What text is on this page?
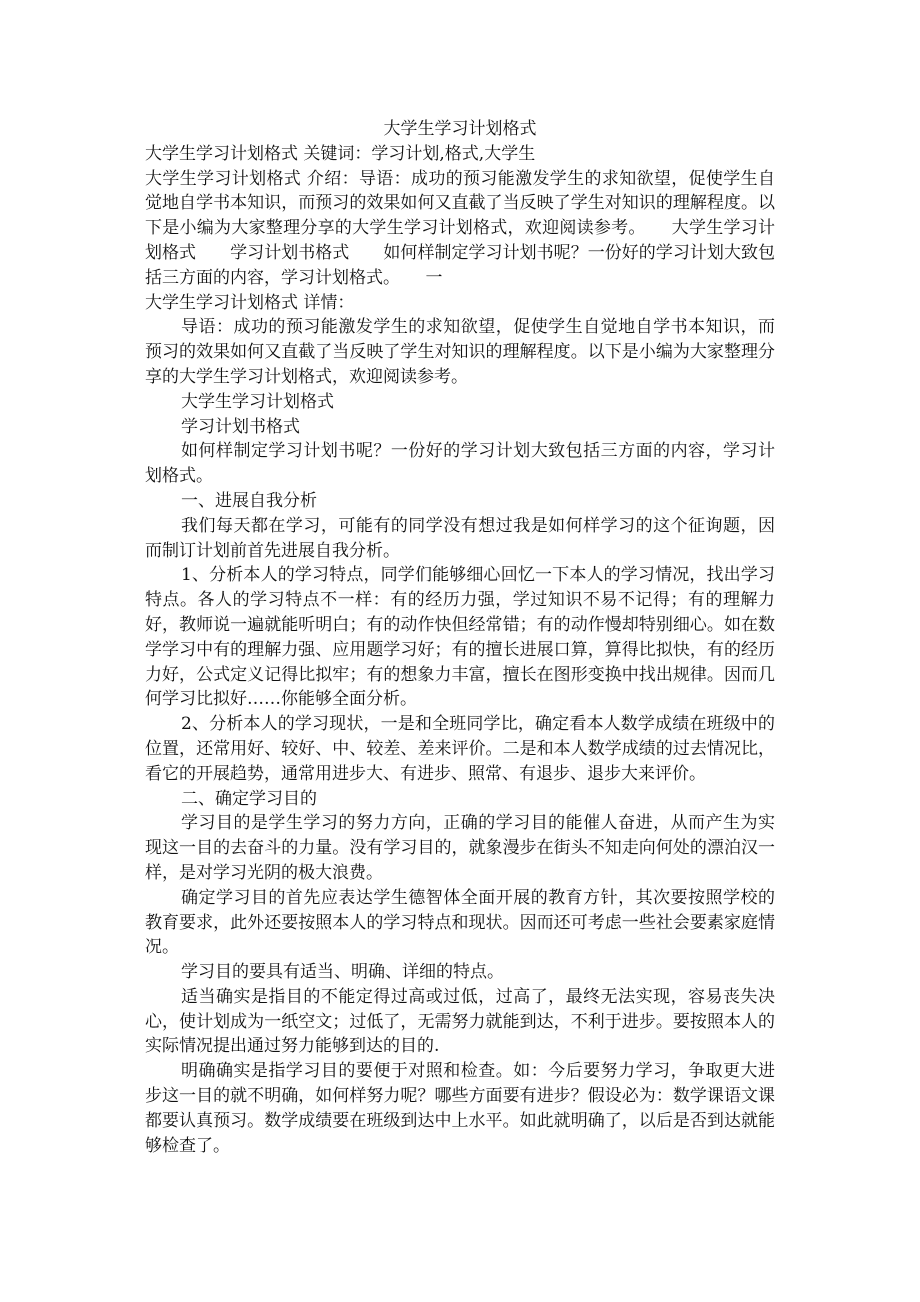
大学生学习计划格式

大学生学习计划格式 关键词：学习计划,格式,大学生

大学生学习计划格式 介绍：导语：成功的预习能激发学生的求知欲望，促使学生自觉地自学书本知识，而预习的效果如何又直截了当反映了学生对知识的理解程度。以下是小编为大家整理分享的大学生学习计划格式，欢迎阅读参考。　　大学生学习计划格式　　学习计划书格式　　如何样制定学习计划书呢？一份好的学习计划大致包括三方面的内容，学习计划格式。　　一

大学生学习计划格式 详情：

导语：成功的预习能激发学生的求知欲望，促使学生自觉地自学书本知识，而预习的效果如何又直截了当反映了学生对知识的理解程度。以下是小编为大家整理分享的大学生学习计划格式，欢迎阅读参考。

大学生学习计划格式

学习计划书格式

如何样制定学习计划书呢？一份好的学习计划大致包括三方面的内容，学习计划格式。

一、进展自我分析

我们每天都在学习，可能有的同学没有想过我是如何样学习的这个征询题，因而制订计划前首先进展自我分析。

1、分析本人的学习特点，同学们能够细心回忆一下本人的学习情况，找出学习特点。各人的学习特点不一样：有的经历力强，学过知识不易不记得；有的理解力好，教师说一遍就能听明白；有的动作快但经常错；有的动作慢却特别细心。如在数学学习中有的理解力强、应用题学习好；有的擅长进展口算，算得比拟快，有的经历力好，公式定义记得比拟牢；有的想象力丰富，擅长在图形变换中找出规律。因而几何学习比拟好……你能够全面分析。

2、分析本人的学习现状，一是和全班同学比，确定看本人数学成绩在班级中的位置，还常用好、较好、中、较差、差来评价。二是和本人数学成绩的过去情况比，看它的开展趋势，通常用进步大、有进步、照常、有退步、退步大来评价。

二、确定学习目的

学习目的是学生学习的努力方向，正确的学习目的能催人奋进，从而产生为实现这一目的去奋斗的力量。没有学习目的，就象漫步在街头不知走向何处的漂泊汉一样，是对学习光阴的极大浪费。

确定学习目的首先应表达学生德智体全面开展的教育方针，其次要按照学校的教育要求，此外还要按照本人的学习特点和现状。因而还可考虑一些社会要素家庭情况。

学习目的要具有适当、明确、详细的特点。

适当确实是指目的不能定得过高或过低，过高了，最终无法实现，容易丧失决心，使计划成为一纸空文；过低了，无需努力就能到达，不利于进步。要按照本人的实际情况提出通过努力能够到达的目的.

明确确实是指学习目的要便于对照和检查。如：今后要努力学习，争取更大进步这一目的就不明确，如何样努力呢？哪些方面要有进步？假设必为：数学课语文课都要认真预习。数学成绩要在班级到达中上水平。如此就明确了，以后是否到达就能够检查了。
